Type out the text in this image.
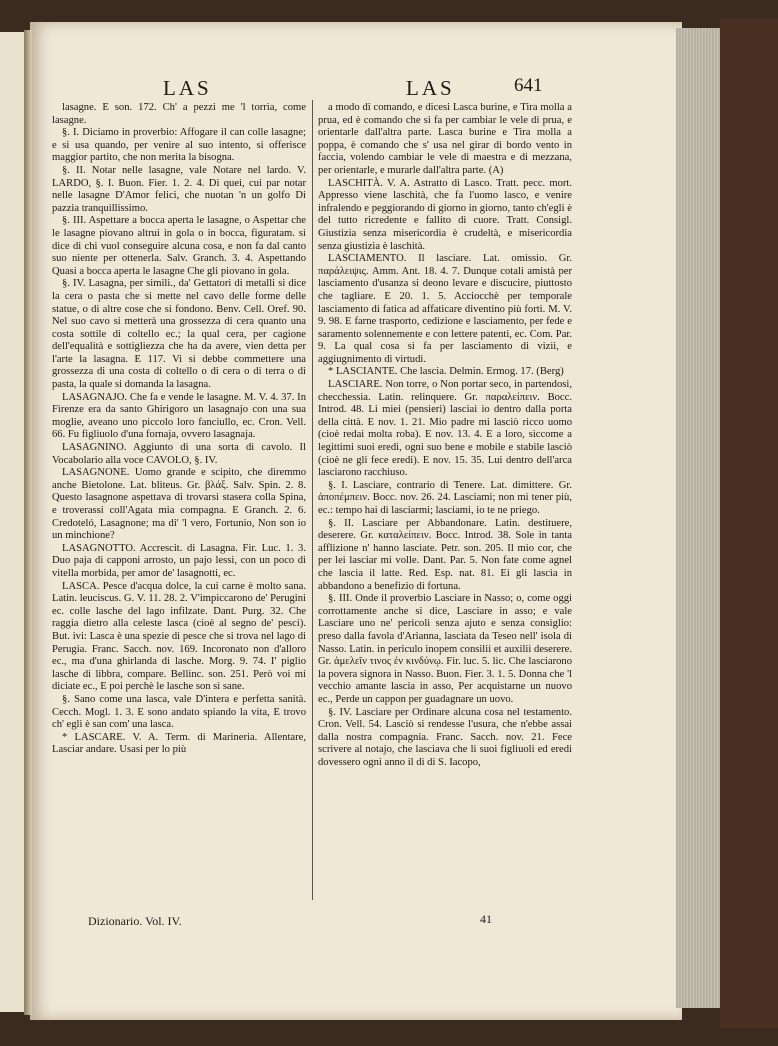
LAS	LAS	641

lasagne. E son. 172. Ch' a pezzi me 'l torria, come lasagne.

§. I. Diciamo in proverbio: Affogare il can colle lasagne; e si usa quando, per venire al suo intento, si offerisce maggior partito, che non merita la bisogna.

§. II. Notar nelle lasagne, vale Notare nel lardo. V. LARDO, §. I. Buon. Fier. 1. 2. 4. Di quei, cui par notar nelle lasagne D'Amor felici, che nuotan 'n un golfo Di pazzia tranquillissimo.

§. III. Aspettare a bocca aperta le lasagne, o Aspettar che le lasagne piovano altrui in gola o in bocca, figuratam. si dice di chi vuol conseguire alcuna cosa, e non fa dal canto suo niente per ottenerla. Salv. Granch. 3. 4. Aspettando Quasi a bocca aperta le lasagne Che gli piovano in gola.

§. IV. Lasagna, per simili., da' Gettatori di metalli si dice la cera o pasta che si mette nel cavo delle forme delle statue, o di altre cose che si fondono. Benv. Cell. Oref. 90. Nel suo cavo si metterà una grossezza di cera quanto una costa sottile di coltello ec.; la qual cera, per cagione dell'equalità e sottigliezza che ha da avere, vien detta per l'arte la lasagna. E 117. Vi si debbe commettere una grossezza di una costa di coltello o di cera o di terra o di pasta, la quale si domanda la lasagna.

LASAGNAJO. Che fa e vende le lasagne. M. V. 4. 37. In Firenze era da santo Ghirigoro un lasagnajo con una sua moglie, aveano uno piccolo loro fanciullo, ec. Cron. Vell. 66. Fu figliuolo d'una fornaja, ovvero lasagnaja.

LASAGNINO. Aggiunto di una sorta di cavolo. Il Vocabolario alla voce CAVOLO, §. IV.

LASAGNONE. Uomo grande e scipito, che diremmo anche Bietolone. Lat. bliteus. Gr. βλάξ. Salv. Spin. 2. 8. Questo lasagnone aspettava di trovarsi stasera colla Spina, e troverassi coll'Agata mia compagna. E Granch. 2. 6. Credoteló, Lasagnone; ma di' 'l vero, Fortunio, Non son io un minchione?

LASAGNOTTO. Accrescit. di Lasagna. Fir. Luc. 1. 3. Duo paja di capponi arrosto, un pajo lessi, con un poco di vitella morbida, per amor de' lasagnotti, ec.

LASCA. Pesce d'acqua dolce, la cui carne è molto sana. Latin. leuciscus. G. V. 11. 28. 2. V'impiccarono de' Perugini ec. colle lasche del lago infilzate. Dant. Purg. 32. Che raggia dietro alla celeste lasca (cioè al segno de' pesci). But. ivi: Lasca è una spezie di pesce che si trova nel lago di Perugia. Franc. Sacch. nov. 169. Incoronato non d'alloro ec., ma d'una ghirlanda di lasche. Morg. 9. 74. I' piglio lasche di libbra, compare. Bellinc. son. 251. Però voi mi diciate ec., E poi perchè le lasche son sì sane.

§. Sano come una lasca, vale D'intera e perfetta sanità. Cecch. Mogl. 1. 3. E sono andato spiando la vita, E trovo ch' egli è san com' una lasca.

* LASCARE. V. A. Term. di Marineria. Allentare, Lasciar andare. Usasi per lo più

a modo di comando, e dicesi Lasca burine, e Tira molla a prua, ed è comando che si fa per cambiar le vele di prua, e orientarle dall'altra parte. Lasca burine e Tira molla a poppa, è comando che s' usa nel girar di bordo vento in faccia, volendo cambiar le vele di maestra e di mezzana, per orientarle, e murarle dall'altra parte. (A)

LASCHITÀ. V. A. Astratto di Lasco. Tratt. pecc. mort. Appresso viene laschità, che fa l'uomo lasco, e venire infralendo e peggiorando di giorno in giorno, tanto ch'egli è del tutto ricredente e fallito di cuore. Tratt. Consigl. Giustizia senza misericordia è crudeltà, e misericordia senza giustizia è laschità.

LASCIAMENTO. Il lasciare. Lat. omissio. Gr. παράλειψις. Amm. Ant. 18. 4. 7. Dunque cotali amistà per lasciamento d'usanza si deono levare e discucire, piuttosto che tagliare. E 20. 1. 5. Acciocchè per temporale lasciamento di fatica ad affaticare diventino più forti. M. V. 9. 98. E farne trasporto, cedizione e lasciamento, per fede e saramento solennemente e con lettere patenti, ec. Com. Par. 9. La qual cosa si fa per lasciamento di vizii, e aggiugnimento di virtudi.

* LASCIANTE. Che lascia. Delmin. Ermog. 17. (Berg)

LASCIARE. Non torre, o Non portar seco, in partendosi, checchessia. Latin. relinquere. Gr. παραλείπειν. Bocc. Introd. 48. Li miei (pensieri) lasciai io dentro dalla porta della città. E nov. 1. 21. Mio padre mi lasciò ricco uomo (cioè redai molta roba). E nov. 13. 4. E a loro, siccome a legittimi suoi eredi, ogni suo bene e mobile e stabile lasciò (cioè ne gli fece eredi). E nov. 15. 35. Lui dentro dell'arca lasciarono racchiuso.

§. I. Lasciare, contrario di Tenere. Lat. dimittere. Gr. ἀποπέμπειν. Bocc. nov. 26. 24. Lasciami; non mi tener più, ec.: tempo hai di lasciarmi; lasciami, io te ne priego.

§. II. Lasciare per Abbandonare. Latin. destituere, deserere. Gr. καταλείπειν. Bocc. Introd. 38. Sole in tanta afflizione n' hanno lasciate. Petr. son. 205. Il mio cor, che per lei lasciar mi volle. Dant. Par. 5. Non fate come agnel che lascia il latte. Red. Esp. nat. 81. Ei gli lascia in abbandono a benefizio di fortuna.

§. III. Onde il proverbio Lasciare in Nasso; o, come oggi corrottamente anche si dice, Lasciare in asso; e vale Lasciare uno ne' pericoli senza ajuto e senza consiglio: preso dalla favola d'Arianna, lasciata da Teseo nell' isola di Nasso. Latin. in periculo inopem consilii et auxilii deserere. Gr. ἀμελεῖν τινος ἐν κινδύνῳ. Fir. luc. 5. lic. Che lasciarono la povera signora in Nasso. Buon. Fier. 3. 1. 5. Donna che 'l vecchio amante lascia in asso, Per acquistarne un nuovo ec., Perde un cappon per guadagnare un uovo.

§. IV. Lasciare per Ordinare alcuna cosa nel testamento. Cron. Vell. 54. Lasciò si rendesse l'usura, che n'ebbe assai dalla nostra compagnia. Franc. Sacch. nov. 21. Fece scrivere al notajo, che lasciava che li suoi figliuoli ed eredi dovessero ogni anno il dì di S. Iacopo,

Dizionario. Vol. IV.	41
